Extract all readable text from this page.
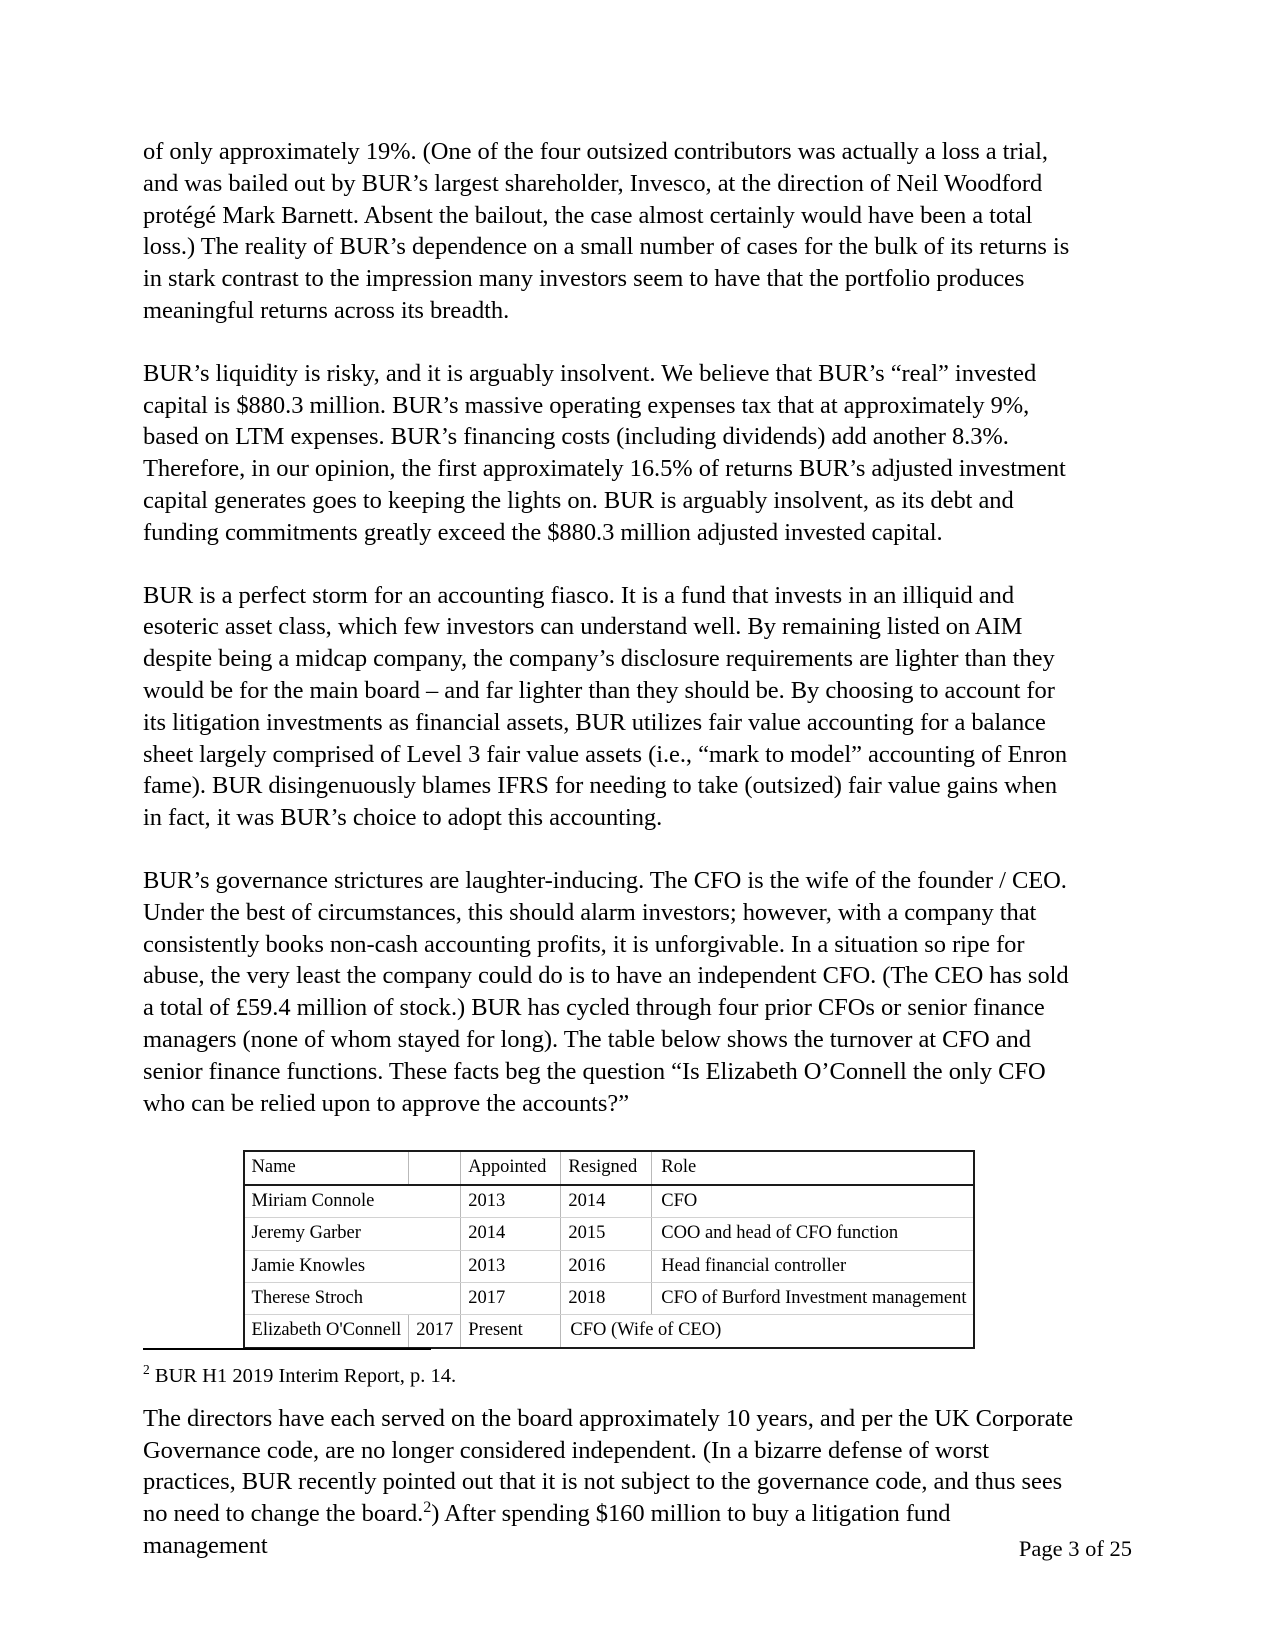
of only approximately 19%. (One of the four outsized contributors was actually a loss a trial, and was bailed out by BUR’s largest shareholder, Invesco, at the direction of Neil Woodford protégé Mark Barnett. Absent the bailout, the case almost certainly would have been a total loss.) The reality of BUR’s dependence on a small number of cases for the bulk of its returns is in stark contrast to the impression many investors seem to have that the portfolio produces meaningful returns across its breadth.

BUR’s liquidity is risky, and it is arguably insolvent. We believe that BUR’s “real” invested capital is $880.3 million. BUR’s massive operating expenses tax that at approximately 9%, based on LTM expenses. BUR’s financing costs (including dividends) add another 8.3%. Therefore, in our opinion, the first approximately 16.5% of returns BUR’s adjusted investment capital generates goes to keeping the lights on. BUR is arguably insolvent, as its debt and funding commitments greatly exceed the $880.3 million adjusted invested capital.

BUR is a perfect storm for an accounting fiasco. It is a fund that invests in an illiquid and esoteric asset class, which few investors can understand well. By remaining listed on AIM despite being a midcap company, the company’s disclosure requirements are lighter than they would be for the main board – and far lighter than they should be. By choosing to account for its litigation investments as financial assets, BUR utilizes fair value accounting for a balance sheet largely comprised of Level 3 fair value assets (i.e., “mark to model” accounting of Enron fame). BUR disingenuously blames IFRS for needing to take (outsized) fair value gains when in fact, it was BUR’s choice to adopt this accounting.

BUR’s governance strictures are laughter-inducing. The CFO is the wife of the founder / CEO. Under the best of circumstances, this should alarm investors; however, with a company that consistently books non-cash accounting profits, it is unforgivable. In a situation so ripe for abuse, the very least the company could do is to have an independent CFO. (The CEO has sold a total of £59.4 million of stock.) BUR has cycled through four prior CFOs or senior finance managers (none of whom stayed for long). The table below shows the turnover at CFO and senior finance functions. These facts beg the question “Is Elizabeth O’Connell the only CFO who can be relied upon to approve the accounts?”

Name		Appointed	Resigned	Role
Miriam Connole		2013	2014	CFO
Jeremy Garber		2014	2015	COO and head of CFO function
Jamie Knowles		2013	2016	Head financial controller
Therese Stroch		2017	2018	CFO of Burford Investment management
Elizabeth O'Connell	2017	Present	CFO (Wife of CEO)	

The directors have each served on the board approximately 10 years, and per the UK Corporate Governance code, are no longer considered independent. (In a bizarre defense of worst practices, BUR recently pointed out that it is not subject to the governance code, and thus sees no need to change the board.$^2$) After spending $160 million to buy a litigation fund management

$^2$ BUR H1 2019 Interim Report, p. 14.

Page 3 of 25
